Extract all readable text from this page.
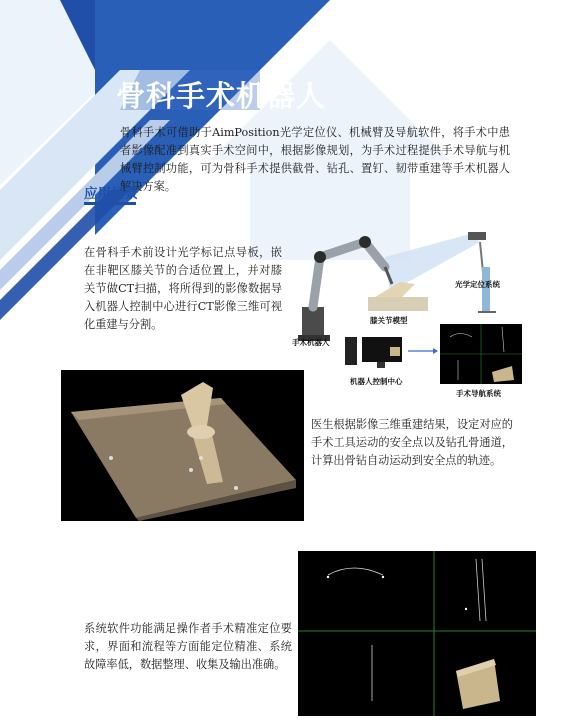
骨科手术机器人

骨科手术可借助于AimPosition光学定位仪、机械臂及导航软件，将手术中患者影像配准到真实手术空间中，根据影像规划，为手术过程提供手术导航与机械臂控制功能，可为骨科手术提供截骨、钻孔、置钉、韧带重建等手术机器人解决方案。

应用场景

在骨科手术前设计光学标记点导板，嵌在非靶区膝关节的合适位置上，并对膝关节做CT扫描，将所得到的影像数据导入机器人控制中心进行CT影像三维可视化重建与分割。

手术机器人
膝关节模型
光学定位系统
机器人控制中心
手术导航系统

医生根据影像三维重建结果，设定对应的手术工具运动的安全点以及钻孔骨通道，计算出骨钻自动运动到安全点的轨迹。

系统软件功能满足操作者手术精准定位要求，界面和流程等方面能定位精准、系统故障率低，数据整理、收集及输出准确。
